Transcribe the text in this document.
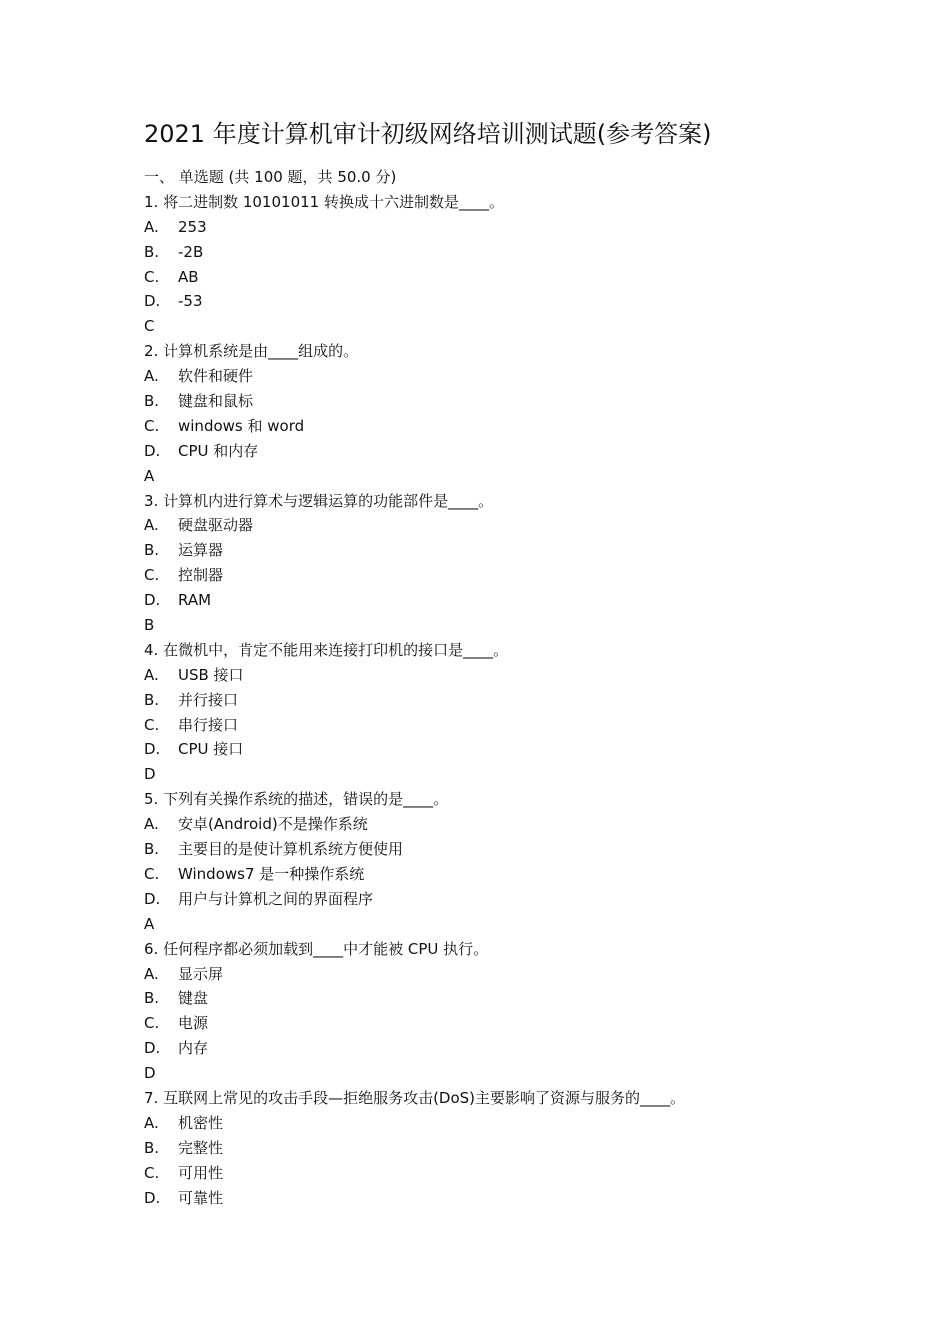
2021 年度计算机审计初级网络培训测试题(参考答案)
一、 单选题 (共 100 题，共 50.0 分)
1. 将二进制数 10101011 转换成十六进制数是____。
A. 253
B. -2B
C. AB
D. -53
C
2. 计算机系统是由____组成的。
A. 软件和硬件
B. 键盘和鼠标
C. windows 和 word
D. CPU 和内存
A
3. 计算机内进行算术与逻辑运算的功能部件是____。
A. 硬盘驱动器
B. 运算器
C. 控制器
D. RAM
B
4. 在微机中，肯定不能用来连接打印机的接口是____。
A. USB 接口
B. 并行接口
C. 串行接口
D. CPU 接口
D
5. 下列有关操作系统的描述，错误的是____。
A. 安卓(Android)不是操作系统
B. 主要目的是使计算机系统方便使用
C. Windows7 是一种操作系统
D. 用户与计算机之间的界面程序
A
6. 任何程序都必须加载到____中才能被 CPU 执行。
A. 显示屏
B. 键盘
C. 电源
D. 内存
D
7. 互联网上常见的攻击手段—拒绝服务攻击(DoS)主要影响了资源与服务的____。
A. 机密性
B. 完整性
C. 可用性
D. 可靠性
